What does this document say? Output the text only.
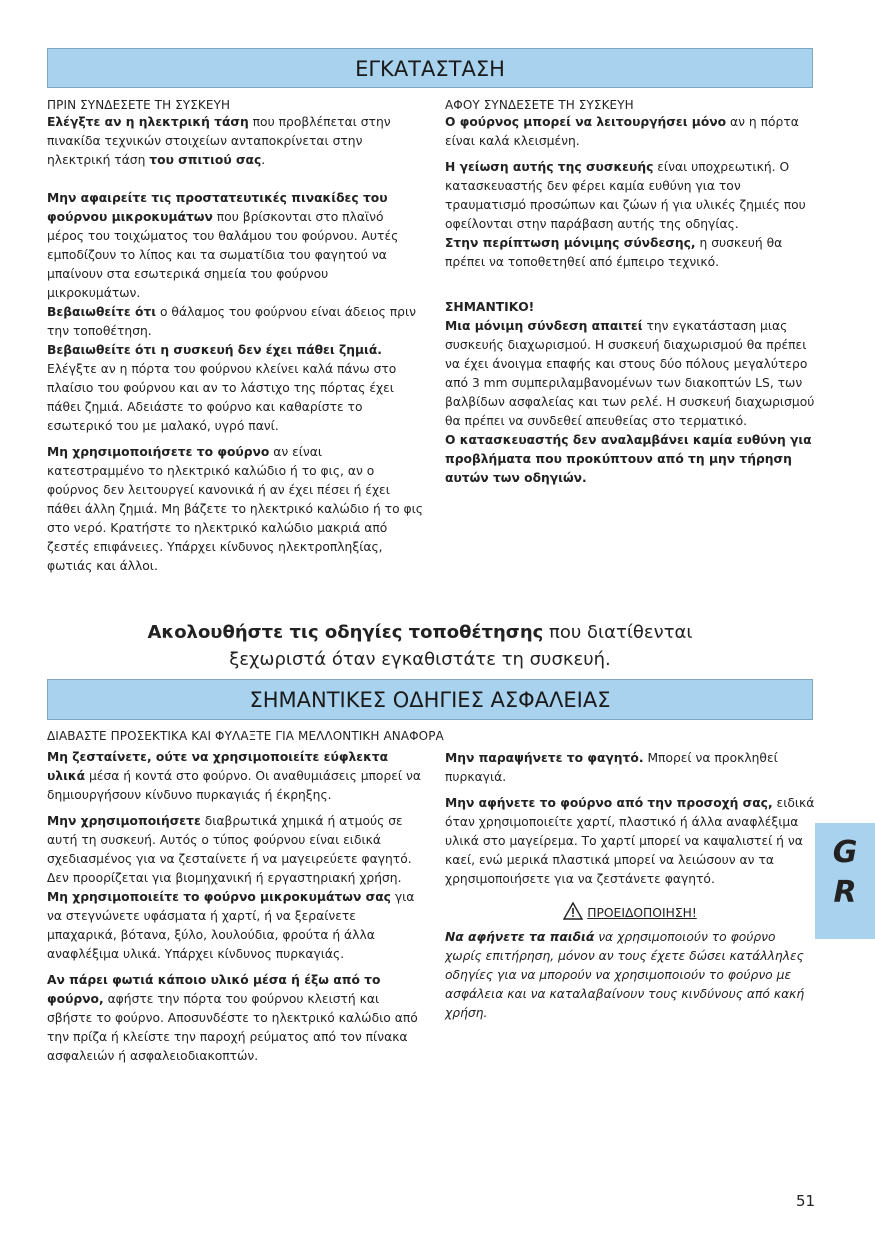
ΕΓΚΑΤΑΣΤΑΣΗ

ΠΡΙΝ ΣΥΝΔΕΣΕΤΕ ΤΗ ΣΥΣΚΕΥΗ

Ελέγξτε αν η ηλεκτρική τάση που προβλέπεται στην πινακίδα τεχνικών στοιχείων ανταποκρίνεται στην ηλεκτρική τάση του σπιτιού σας.

Μην αφαιρείτε τις προστατευτικές πινακίδες του φούρνου μικροκυμάτων που βρίσκονται στο πλαϊνό μέρος του τοιχώματος του θαλάμου του φούρνου. Αυτές εμποδίζουν το λίπος και τα σωματίδια του φαγητού να μπαίνουν στα εσωτερικά σημεία του φούρνου μικροκυμάτων.

Βεβαιωθείτε ότι ο θάλαμος του φούρνου είναι άδειος πριν την τοποθέτηση.

Βεβαιωθείτε ότι η συσκευή δεν έχει πάθει ζημιά. Ελέγξτε αν η πόρτα του φούρνου κλείνει καλά πάνω στο πλαίσιο του φούρνου και αν το λάστιχο της πόρτας έχει πάθει ζημιά. Αδειάστε το φούρνο και καθαρίστε το εσωτερικό του με μαλακό, υγρό πανί.

Μη χρησιμοποιήσετε το φούρνο αν είναι κατεστραμμένο το ηλεκτρικό καλώδιο ή το φις, αν ο φούρνος δεν λειτουργεί κανονικά ή αν έχει πέσει ή έχει πάθει άλλη ζημιά. Μη βάζετε το ηλεκτρικό καλώδιο ή το φις στο νερό. Κρατήστε το ηλεκτρικό καλώδιο μακριά από ζεστές επιφάνειες. Υπάρχει κίνδυνος ηλεκτροπληξίας, φωτιάς και άλλοι.

ΑΦΟΥ ΣΥΝΔΕΣΕΤΕ ΤΗ ΣΥΣΚΕΥΗ

Ο φούρνος μπορεί να λειτουργήσει μόνο αν η πόρτα είναι καλά κλεισμένη.

Η γείωση αυτής της συσκευής είναι υποχρεωτική. Ο κατασκευαστής δεν φέρει καμία ευθύνη για τον τραυματισμό προσώπων και ζώων ή για υλικές ζημιές που οφείλονται στην παράβαση αυτής της οδηγίας.

Στην περίπτωση μόνιμης σύνδεσης, η συσκευή θα πρέπει να τοποθετηθεί από έμπειρο τεχνικό.

ΣΗΜΑΝΤΙΚΟ!

Μια μόνιμη σύνδεση απαιτεί την εγκατάσταση μιας συσκευής διαχωρισμού. Η συσκευή διαχωρισμού θα πρέπει να έχει άνοιγμα επαφής και στους δύο πόλους μεγαλύτερο από 3 mm συμπεριλαμβανομένων των διακοπτών LS, των βαλβίδων ασφαλείας και των ρελέ. Η συσκευή διαχωρισμού θα πρέπει να συνδεθεί απευθείας στο τερματικό.

Ο κατασκευαστής δεν αναλαμβάνει καμία ευθύνη για προβλήματα που προκύπτουν από τη μην τήρηση αυτών των οδηγιών.

Ακολουθήστε τις οδηγίες τοποθέτησης που διατίθενται ξεχωριστά όταν εγκαθιστάτε τη συσκευή.
ΣΗΜΑΝΤΙΚΕΣ ΟΔΗΓΙΕΣ ΑΣΦΑΛΕΙΑΣ
ΔΙΑΒΑΣΤΕ ΠΡΟΣΕΚΤΙΚΑ ΚΑΙ ΦΥΛΑΞΤΕ ΓΙΑ ΜΕΛΛΟΝΤΙΚΗ ΑΝΑΦΟΡΑ

Μη ζεσταίνετε, ούτε να χρησιμοποιείτε εύφλεκτα υλικά μέσα ή κοντά στο φούρνο. Οι αναθυμιάσεις μπορεί να δημιουργήσουν κίνδυνο πυρκαγιάς ή έκρηξης.

Μην χρησιμοποιήσετε διαβρωτικά χημικά ή ατμούς σε αυτή τη συσκευή. Αυτός ο τύπος φούρνου είναι ειδικά σχεδιασμένος για να ζεσταίνετε ή να μαγειρεύετε φαγητό. Δεν προορίζεται για βιομηχανική ή εργαστηριακή χρήση.

Μη χρησιμοποιείτε το φούρνο μικροκυμάτων σας για να στεγνώνετε υφάσματα ή χαρτί, ή να ξεραίνετε μπαχαρικά, βότανα, ξύλο, λουλούδια, φρούτα ή άλλα αναφλέξιμα υλικά. Υπάρχει κίνδυνος πυρκαγιάς.

Αν πάρει φωτιά κάποιο υλικό μέσα ή έξω από το φούρνο, αφήστε την πόρτα του φούρνου κλειστή και σβήστε το φούρνο. Αποσυνδέστε το ηλεκτρικό καλώδιο από την πρίζα ή κλείστε την παροχή ρεύματος από τον πίνακα ασφαλειών ή ασφαλειοδιακοπτών.

Μην παραψήνετε το φαγητό. Μπορεί να προκληθεί πυρκαγιά.

Μην αφήνετε το φούρνο από την προσοχή σας, ειδικά όταν χρησιμοποιείτε χαρτί, πλαστικό ή άλλα αναφλέξιμα υλικά στο μαγείρεμα. Το χαρτί μπορεί να καψαλιστεί ή να καεί, ενώ μερικά πλαστικά μπορεί να λειώσουν αν τα χρησιμοποιήσετε για να ζεστάνετε φαγητό.

ΠΡΟΕΙΔΟΠΟΙΗΣΗ!

Να αφήνετε τα παιδιά να χρησιμοποιούν το φούρνο χωρίς επιτήρηση, μόνον αν τους έχετε δώσει κατάλληλες οδηγίες για να μπορούν να χρησιμοποιούν το φούρνο με ασφάλεια και να καταλαβαίνουν τους κινδύνους από κακή χρήση.

G
R
51
